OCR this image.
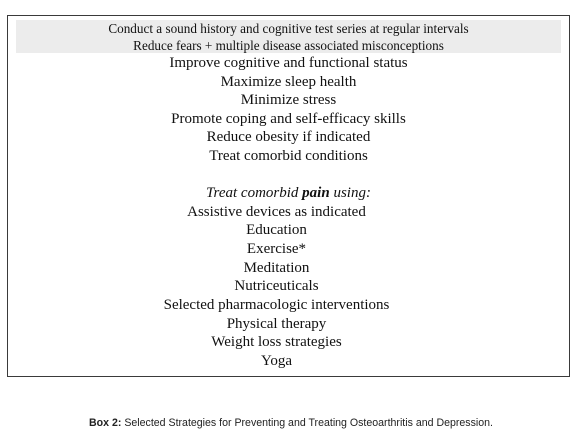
Conduct a sound history and cognitive test series at regular intervals
Reduce fears + multiple disease associated misconceptions
Improve cognitive and functional status
Maximize sleep health
Minimize stress
Promote coping and self-efficacy skills
Reduce obesity if indicated
Treat comorbid conditions
Treat comorbid pain using:
Assistive devices as indicated
Education
Exercise*
Meditation
Nutriceuticals
Selected pharmacologic interventions
Physical therapy
Weight loss strategies
Yoga
Box 2: Selected Strategies for Preventing and Treating Osteoarthritis and Depression.
